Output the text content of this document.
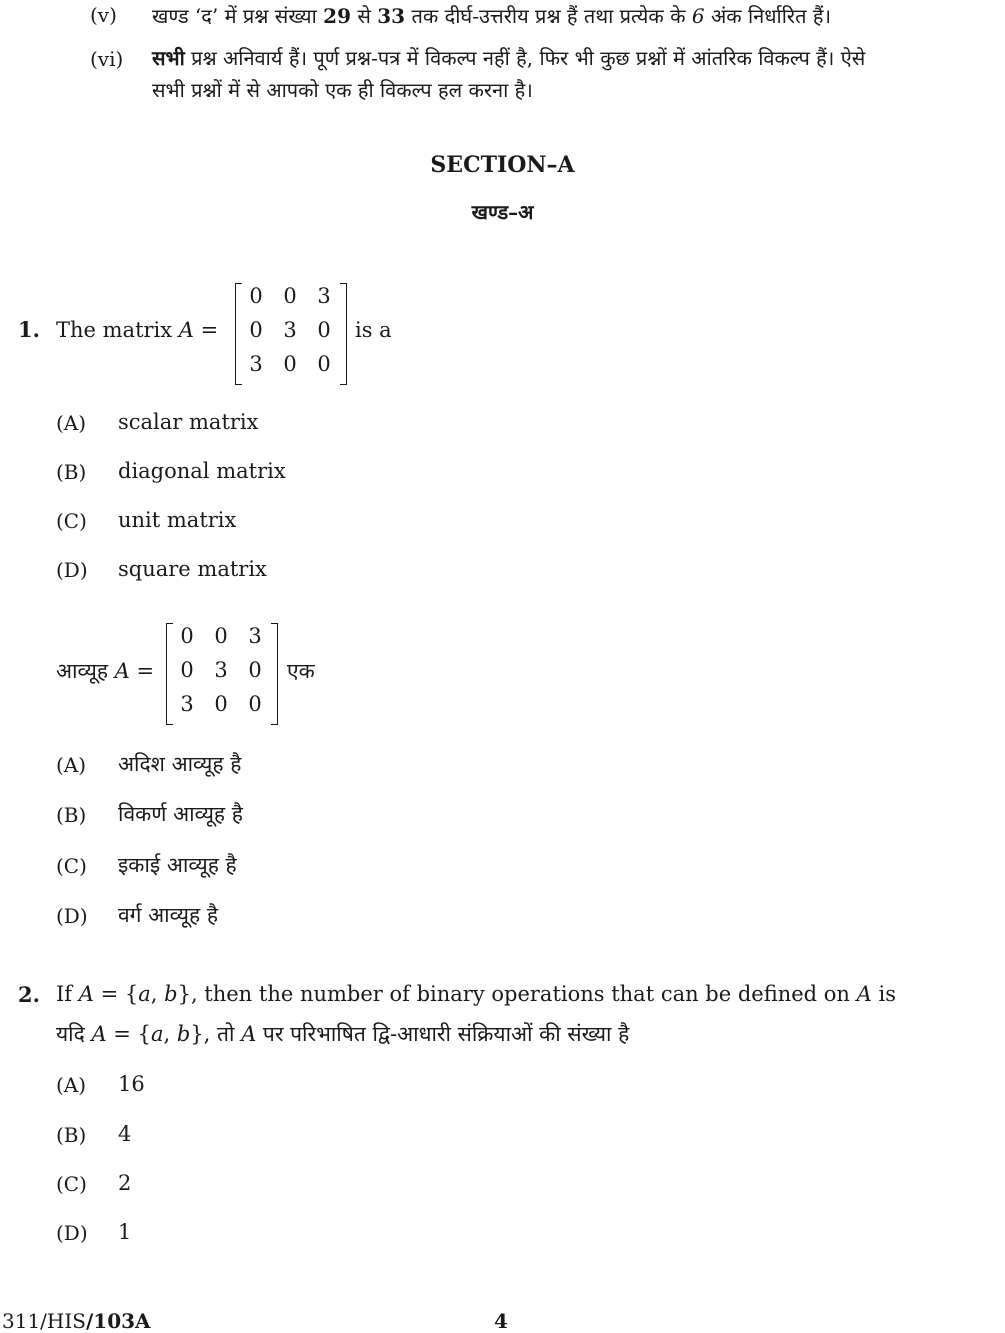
(v) खण्ड ‘द’ में प्रश्न संख्या 29 से 33 तक दीर्घ-उत्तरीय प्रश्न हैं तथा प्रत्येक के 6 अंक निर्धारित हैं।
(vi) सभी प्रश्न अनिवार्य हैं। पूर्ण प्रश्न-पत्र में विकल्प नहीं है, फिर भी कुछ प्रश्नों में आंतरिक विकल्प हैं। ऐसे
सभी प्रश्नों में से आपको एक ही विकल्प हल करना है।
SECTION–A
खण्ड–अ
1. The matrix A =
0 0 3
0 3 0
3 0 0
is a
(A) scalar matrix
(B) diagonal matrix
(C) unit matrix
(D) square matrix
आव्यूह A =
0 0 3
0 3 0
3 0 0
एक
(A) अदिश आव्यूह है
(B) विकर्ण आव्यूह है
(C) इकाई आव्यूह है
(D) वर्ग आव्यूह है
2. If A = {a, b}, then the number of binary operations that can be defined on A is
यदि A = {a, b}, तो A पर परिभाषित द्वि-आधारी संक्रियाओं की संख्या है
(A) 16
(B) 4
(C) 2
(D) 1
311/HIS/103A	4
